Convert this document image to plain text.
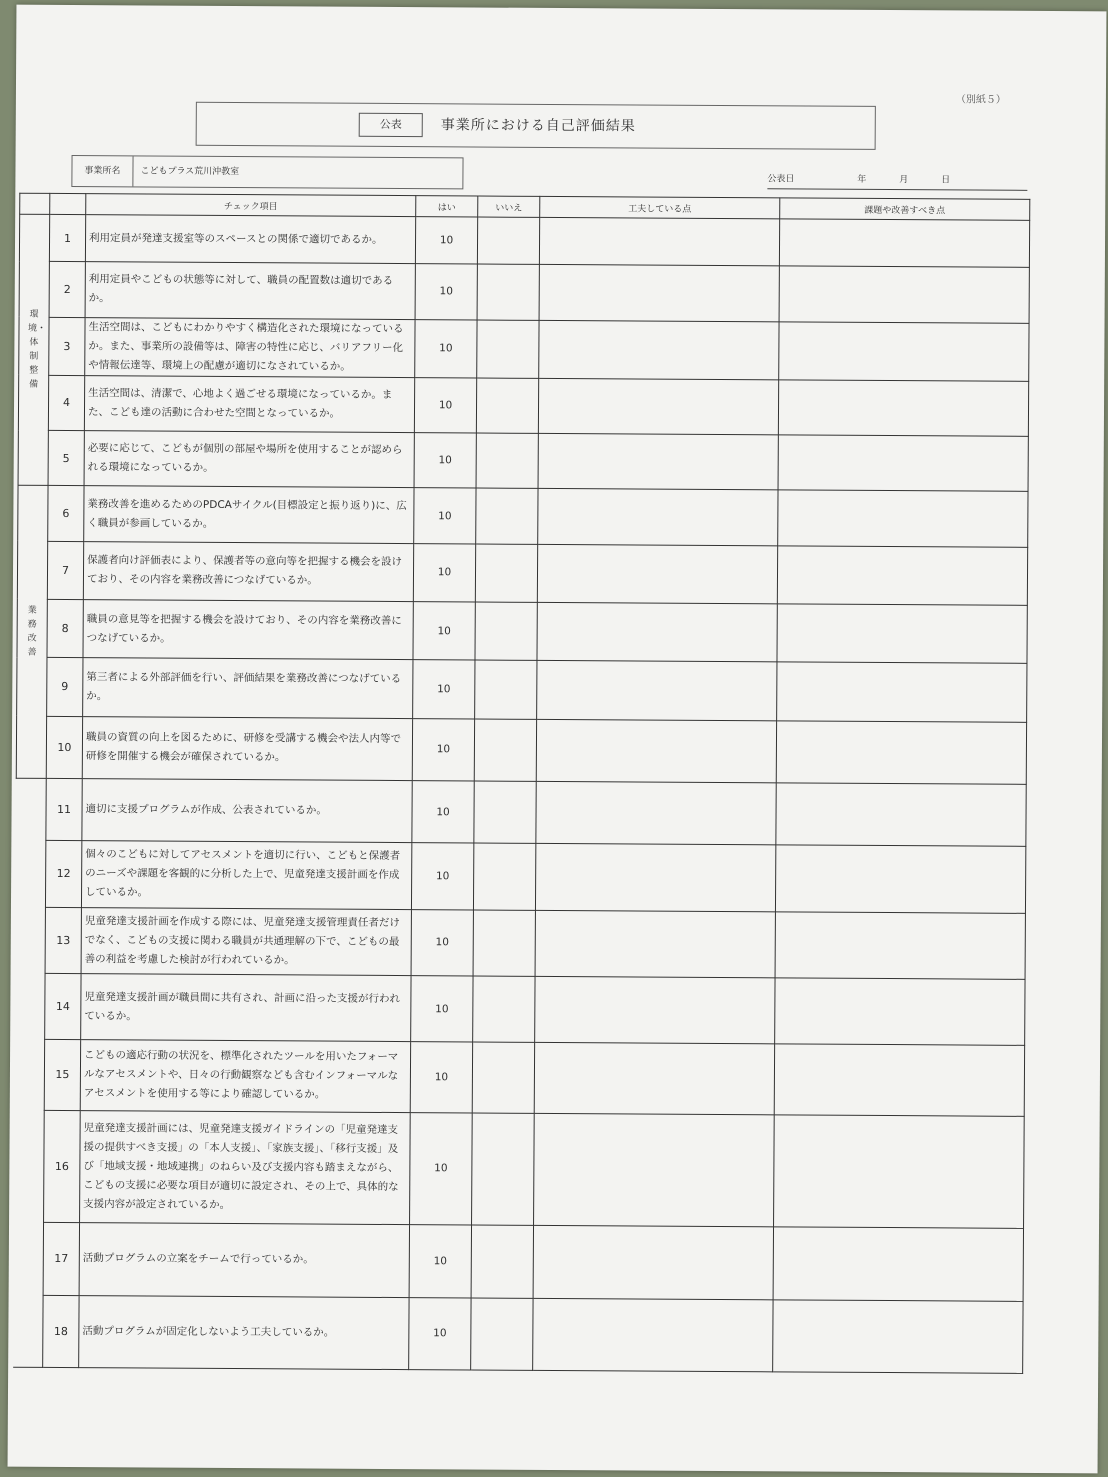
（別紙５）
公表	事業所における自己評価結果
事業所名	こどもプラス荒川沖教室
公表日	年	月	日
		チェック項目	はい	いいえ	工夫している点	課題や改善すべき点
環境・体制整備	1	利用定員が発達支援室等のスペースとの関係で適切であるか。	10			
	2	利用定員やこどもの状態等に対して、職員の配置数は適切であるか。	10			
	3	生活空間は、こどもにわかりやすく構造化された環境になっているか。また、事業所の設備等は、障害の特性に応じ、バリアフリー化や情報伝達等、環境上の配慮が適切になされているか。	10			
	4	生活空間は、清潔で、心地よく過ごせる環境になっているか。また、こども達の活動に合わせた空間となっているか。	10			
	5	必要に応じて、こどもが個別の部屋や場所を使用することが認められる環境になっているか。	10			
業務改善	6	業務改善を進めるためのPDCAサイクル(目標設定と振り返り)に、広く職員が参画しているか。	10			
	7	保護者向け評価表により、保護者等の意向等を把握する機会を設けており、その内容を業務改善につなげているか。	10			
	8	職員の意見等を把握する機会を設けており、その内容を業務改善につなげているか。	10			
	9	第三者による外部評価を行い、評価結果を業務改善につなげているか。	10			
	10	職員の資質の向上を図るために、研修を受講する機会や法人内等で研修を開催する機会が確保されているか。	10			
	11	適切に支援プログラムが作成、公表されているか。	10			
	12	個々のこどもに対してアセスメントを適切に行い、こどもと保護者のニーズや課題を客観的に分析した上で、児童発達支援計画を作成しているか。	10			
	13	児童発達支援計画を作成する際には、児童発達支援管理責任者だけでなく、こどもの支援に関わる職員が共通理解の下で、こどもの最善の利益を考慮した検討が行われているか。	10			
	14	児童発達支援計画が職員間に共有され、計画に沿った支援が行われているか。	10			
	15	こどもの適応行動の状況を、標準化されたツールを用いたフォーマルなアセスメントや、日々の行動観察なども含むインフォーマルなアセスメントを使用する等により確認しているか。	10			
	16	児童発達支援計画には、児童発達支援ガイドラインの「児童発達支援の提供すべき支援」の「本人支援」、「家族支援」、「移行支援」及び「地域支援・地域連携」のねらい及び支援内容も踏まえながら、こどもの支援に必要な項目が適切に設定され、その上で、具体的な支援内容が設定されているか。	10			
	17	活動プログラムの立案をチームで行っているか。	10			
	18	活動プログラムが固定化しないよう工夫しているか。	10			
